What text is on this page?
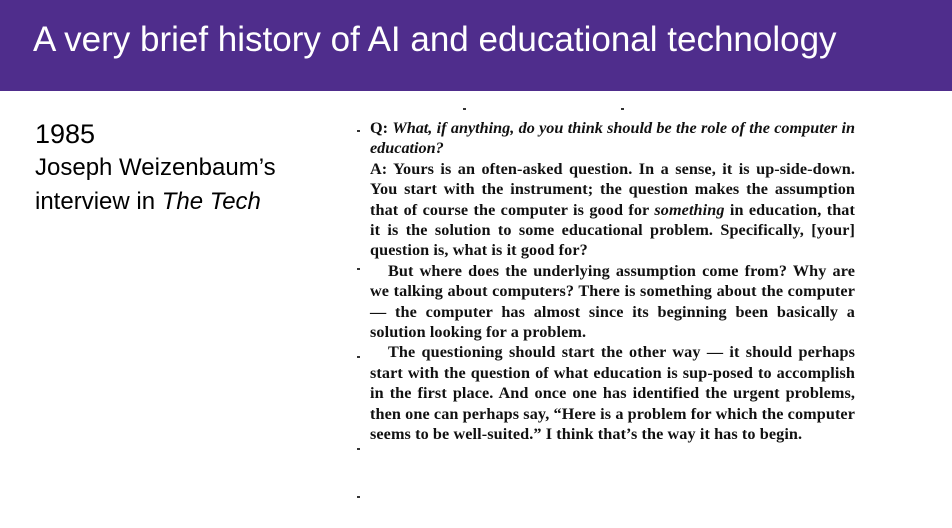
A very brief history of AI and educational technology
1985
Joseph Weizenbaum’s
interview in The Tech

Q: What, if anything, do you think should be the role of the computer in education?

A: Yours is an often-asked question. In a sense, it is up-side-down. You start with the instrument; the question makes the assumption that of course the computer is good for something in education, that it is the solution to some educational problem. Specifically, [your] question is, what is it good for?

But where does the underlying assumption come from? Why are we talking about computers? There is something about the computer — the computer has almost since its beginning been basically a solution looking for a problem.

The questioning should start the other way — it should perhaps start with the question of what education is sup-posed to accomplish in the first place. And once one has identified the urgent problems, then one can perhaps say, “Here is a problem for which the computer seems to be well-suited.” I think that’s the way it has to begin.
